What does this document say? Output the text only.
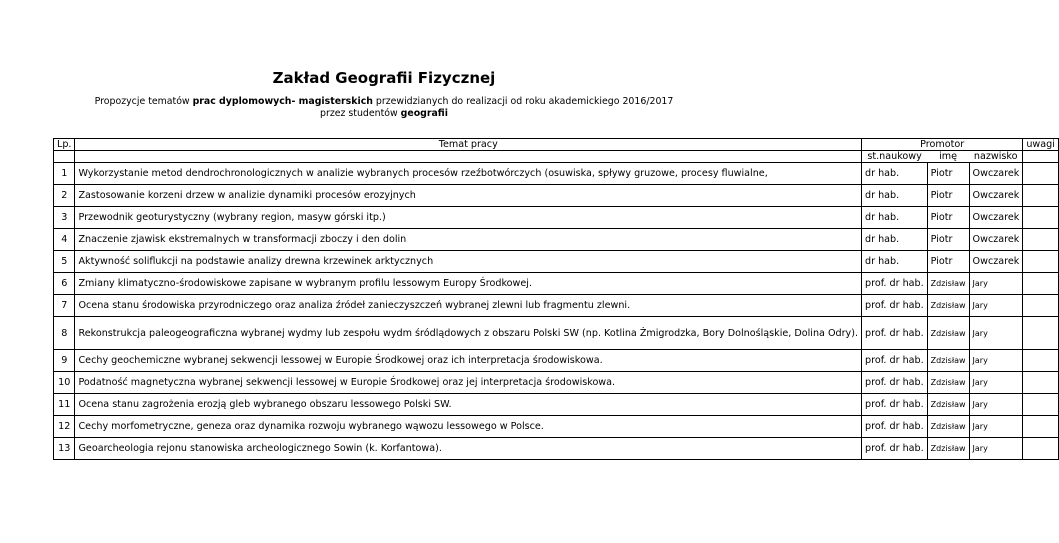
Zakład Geografii Fizycznej
Propozycje tematów prac dyplomowych- magisterskich przewidzianych do realizacji od roku akademickiego 2016/2017
przez studentów geografii
Lp.	Temat pracy	Promotor			uwagi
		st.naukowy	imę	nazwisko	
1	Wykorzystanie metod dendrochronologicznych w analizie wybranych procesów rzeźbotwórczych (osuwiska, spływy gruzowe, procesy fluwialne,	dr hab.	Piotr	Owczarek	
2	Zastosowanie korzeni drzew w analizie dynamiki procesów erozyjnych	dr hab.	Piotr	Owczarek	
3	Przewodnik geoturystyczny (wybrany region, masyw górski itp.)	dr hab.	Piotr	Owczarek	
4	Znaczenie zjawisk ekstremalnych w transformacji zboczy i den dolin	dr hab.	Piotr	Owczarek	
5	Aktywność soliflukcji na podstawie analizy drewna krzewinek arktycznych	dr hab.	Piotr	Owczarek	
6	Zmiany klimatyczno-środowiskowe zapisane w wybranym profilu lessowym Europy Środkowej.	prof. dr hab.	Zdzisław	Jary	
7	Ocena stanu środowiska przyrodniczego oraz analiza źródeł zanieczyszczeń wybranej zlewni lub fragmentu zlewni.	prof. dr hab.	Zdzisław	Jary	
8	Rekonstrukcja paleogeograficzna wybranej wydmy lub zespołu wydm śródlądowych z obszaru Polski SW (np. Kotlina Żmigrodzka, Bory Dolnośląskie, Dolina Odry).	prof. dr hab.	Zdzisław	Jary	
9	Cechy geochemiczne wybranej sekwencji lessowej w Europie Środkowej oraz ich interpretacja środowiskowa.	prof. dr hab.	Zdzisław	Jary	
10	Podatność magnetyczna wybranej sekwencji lessowej w Europie Środkowej oraz jej interpretacja środowiskowa.	prof. dr hab.	Zdzisław	Jary	
11	Ocena stanu zagrożenia erozją gleb wybranego obszaru lessowego Polski SW.	prof. dr hab.	Zdzisław	Jary	
12	Cechy morfometryczne, geneza oraz dynamika rozwoju wybranego wąwozu lessowego w Polsce.	prof. dr hab.	Zdzisław	Jary	
13	Geoarcheologia rejonu stanowiska archeologicznego Sowin (k. Korfantowa).	prof. dr hab.	Zdzisław	Jary	
